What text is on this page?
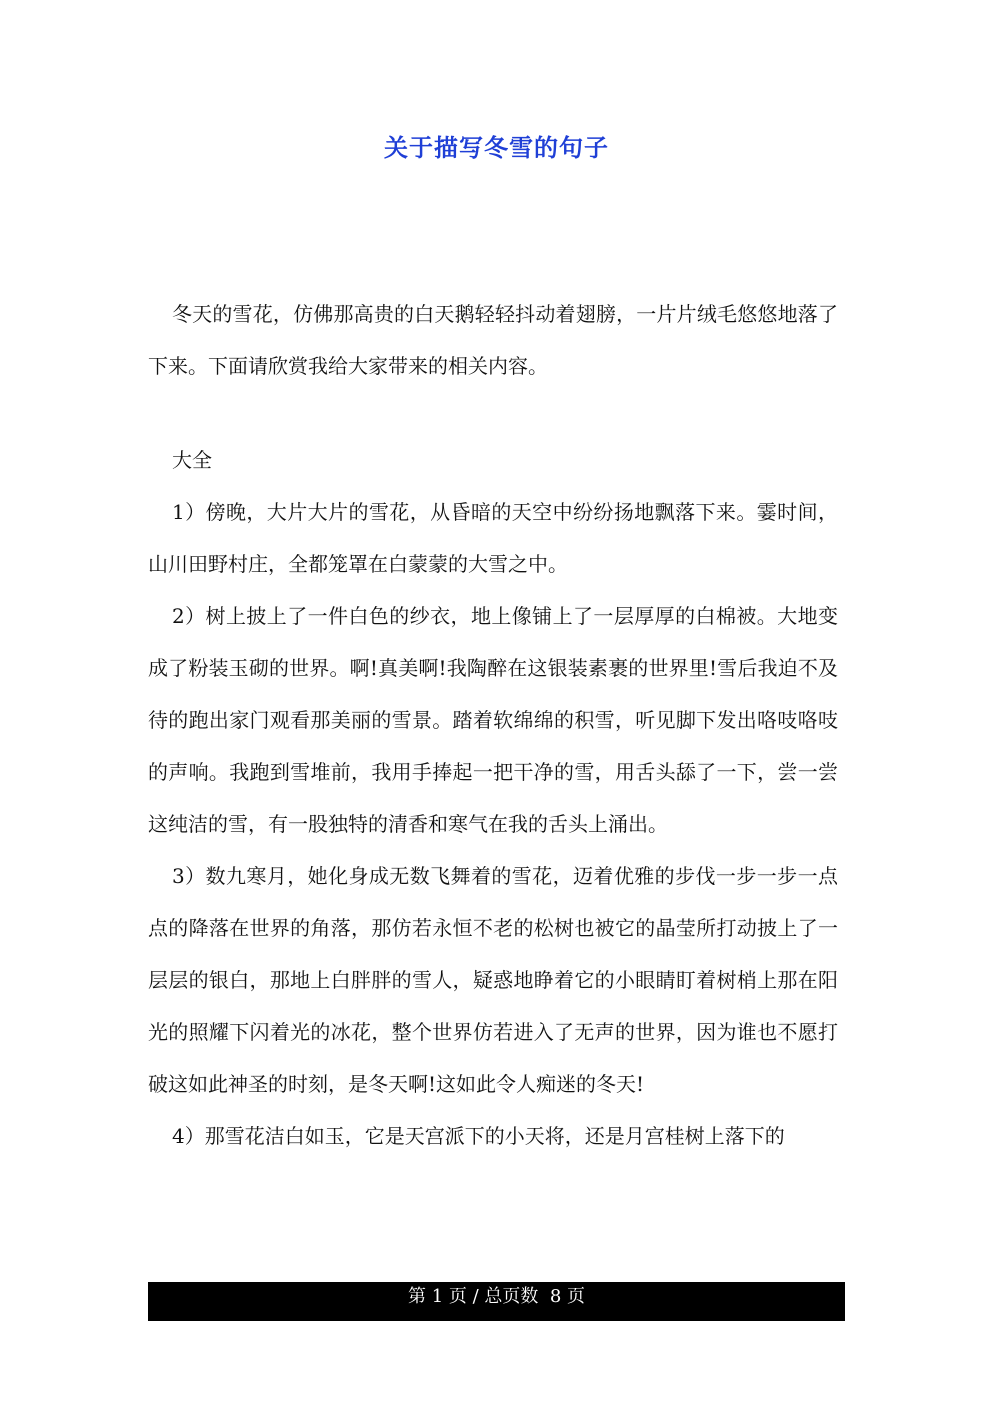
关于描写冬雪的句子

冬天的雪花，仿佛那高贵的白天鹅轻轻抖动着翅膀，一片片绒毛悠悠地落了下来。下面请欣赏我给大家带来的相关内容。

大全

1）傍晚，大片大片的雪花，从昏暗的天空中纷纷扬地飘落下来。霎时间，山川田野村庄，全都笼罩在白蒙蒙的大雪之中。

2）树上披上了一件白色的纱衣，地上像铺上了一层厚厚的白棉被。大地变成了粉装玉砌的世界。啊!真美啊!我陶醉在这银装素裹的世界里!雪后我迫不及待的跑出家门观看那美丽的雪景。踏着软绵绵的积雪，听见脚下发出咯吱咯吱的声响。我跑到雪堆前，我用手捧起一把干净的雪，用舌头舔了一下，尝一尝这纯洁的雪，有一股独特的清香和寒气在我的舌头上涌出。

3）数九寒月，她化身成无数飞舞着的雪花，迈着优雅的步伐一步一步一点点的降落在世界的角落，那仿若永恒不老的松树也被它的晶莹所打动披上了一层层的银白，那地上白胖胖的雪人，疑惑地睁着它的小眼睛盯着树梢上那在阳光的照耀下闪着光的冰花，整个世界仿若进入了无声的世界，因为谁也不愿打破这如此神圣的时刻，是冬天啊!这如此令人痴迷的冬天!

4）那雪花洁白如玉，它是天宫派下的小天将，还是月宫桂树上落下的

第 1 页 / 总页数  8 页
